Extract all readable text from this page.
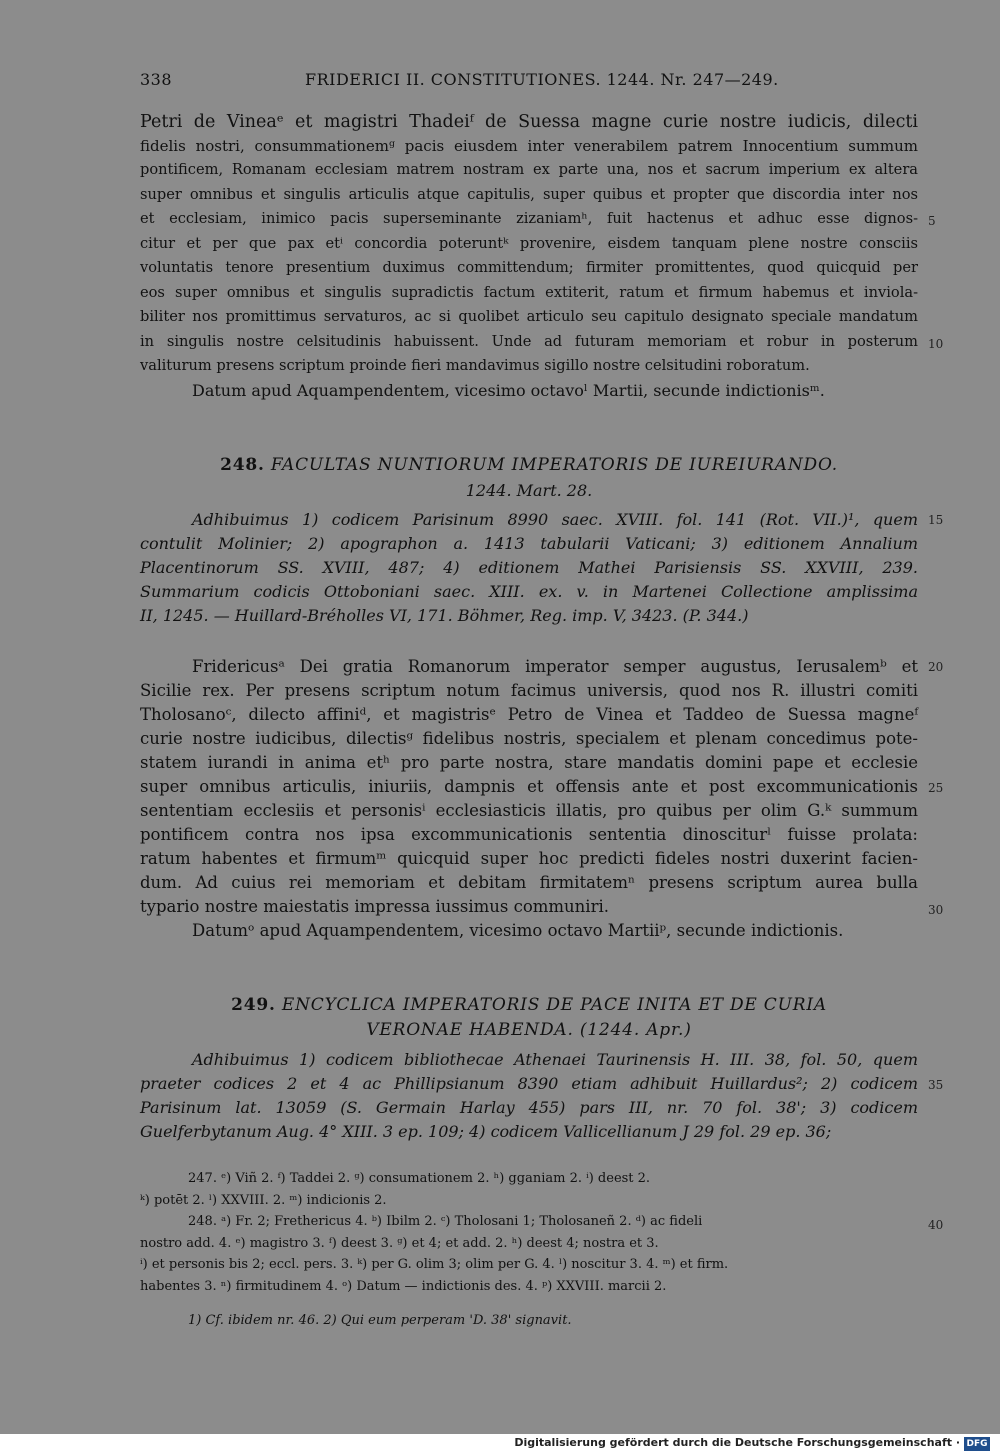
338	FRIDERICI II. CONSTITUTIONES. 1244. Nr. 247—249.
Petri de Vineaᵉ et magistri Thadeiᶠ de Suessa magne curie nostre iudicis, dilecti
fidelis nostri, consummationemᵍ pacis eiusdem inter venerabilem patrem Innocentium summum
pontificem, Romanam ecclesiam matrem nostram ex parte una, nos et sacrum imperium ex altera
super omnibus et singulis articulis atque capitulis, super quibus et propter que discordia inter nos
et ecclesiam, inimico pacis superseminante zizaniamʰ, fuit hactenus et adhuc esse dignos-
citur et per que pax etⁱ concordia poteruntᵏ provenire, eisdem tanquam plene nostre consciis
voluntatis tenore presentium duximus committendum; firmiter promittentes, quod quicquid per
eos super omnibus et singulis supradictis factum extiterit, ratum et firmum habemus et inviola-
biliter nos promittimus servaturos, ac si quolibet articulo seu capitulo designato speciale mandatum
in singulis nostre celsitudinis habuissent. Unde ad futuram memoriam et robur in posterum
valiturum presens scriptum proinde fieri mandavimus sigillo nostre celsitudini roboratum.
Datum apud Aquampendentem, vicesimo octavoˡ Martii, secunde indictionisᵐ.
248. FACULTAS NUNTIORUM IMPERATORIS DE IUREIURANDO.
1244. Mart. 28.
Adhibuimus 1) codicem Parisinum 8990 saec. XVIII. fol. 141 (Rot. VII.)¹, quem
contulit Molinier; 2) apographon a. 1413 tabularii Vaticani; 3) editionem Annalium
Placentinorum SS. XVIII, 487; 4) editionem Mathei Parisiensis SS. XXVIII, 239.
Summarium codicis Ottoboniani saec. XIII. ex. v. in Martenei Collectione amplissima
II, 1245. — Huillard-Bréholles VI, 171. Böhmer, Reg. imp. V, 3423. (P. 344.)
Fridericusᵃ Dei gratia Romanorum imperator semper augustus, Ierusalemᵇ et
Sicilie rex. Per presens scriptum notum facimus universis, quod nos R. illustri comiti
Tholosanoᶜ, dilecto affiniᵈ, et magistrisᵉ Petro de Vinea et Taddeo de Suessa magneᶠ
curie nostre iudicibus, dilectisᵍ fidelibus nostris, specialem et plenam concedimus pote-
statem iurandi in anima etʰ pro parte nostra, stare mandatis domini pape et ecclesie
super omnibus articulis, iniuriis, dampnis et offensis ante et post excommunicationis
sententiam ecclesiis et personisⁱ ecclesiasticis illatis, pro quibus per olim G.ᵏ summum
pontificem contra nos ipsa excommunicationis sententia dinosciturˡ fuisse prolata:
ratum habentes et firmumᵐ quicquid super hoc predicti fideles nostri duxerint facien-
dum. Ad cuius rei memoriam et debitam firmitatemⁿ presens scriptum aurea bulla
typario nostre maiestatis impressa iussimus communiri.
Datumᵒ apud Aquampendentem, vicesimo octavo Martiiᵖ, secunde indictionis.
249. ENCYCLICA IMPERATORIS DE PACE INITA ET DE CURIA
VERONAE HABENDA. (1244. Apr.)
Adhibuimus 1) codicem bibliothecae Athenaei Taurinensis H. III. 38, fol. 50, quem
praeter codices 2 et 4 ac Phillipsianum 8390 etiam adhibuit Huillardus²; 2) codicem
Parisinum lat. 13059 (S. Germain Harlay 455) pars III, nr. 70 fol. 38'; 3) codicem
Guelferbytanum Aug. 4° XIII. 3 ep. 109; 4) codicem Vallicellianum J 29 fol. 29 ep. 36;
247. ᵉ) Viñ 2. ᶠ) Taddei 2. ᵍ) consumationem 2. ʰ) gganiam 2. ⁱ) deest 2.
ᵏ) potēt 2. ˡ) XXVIII. 2. ᵐ) indicionis 2.
248. ᵃ) Fr. 2; Fretheriсus 4. ᵇ) Ibilm 2. ᶜ) Tholosani 1; Tholosaneñ 2. ᵈ) ac fideli
nostro add. 4. ᵉ) magistro 3. ᶠ) deest 3. ᵍ) et 4; et add. 2. ʰ) deest 4; nostra et 3.
ⁱ) et personis bis 2; eccl. pers. 3. ᵏ) per G. olim 3; olim per G. 4. ˡ) noscitur 3. 4. ᵐ) et firm.
habentes 3. ⁿ) firmitudinem 4. ᵒ) Datum — indictionis des. 4. ᵖ) XXVIII. marcii 2.
1) Cf. ibidem nr. 46. 2) Qui eum perperam 'D. 38' signavit.
5
10
15
20
25
30
35
40
Digitalisierung gefördert durch die Deutsche Forschungsgemeinschaft · DFG
